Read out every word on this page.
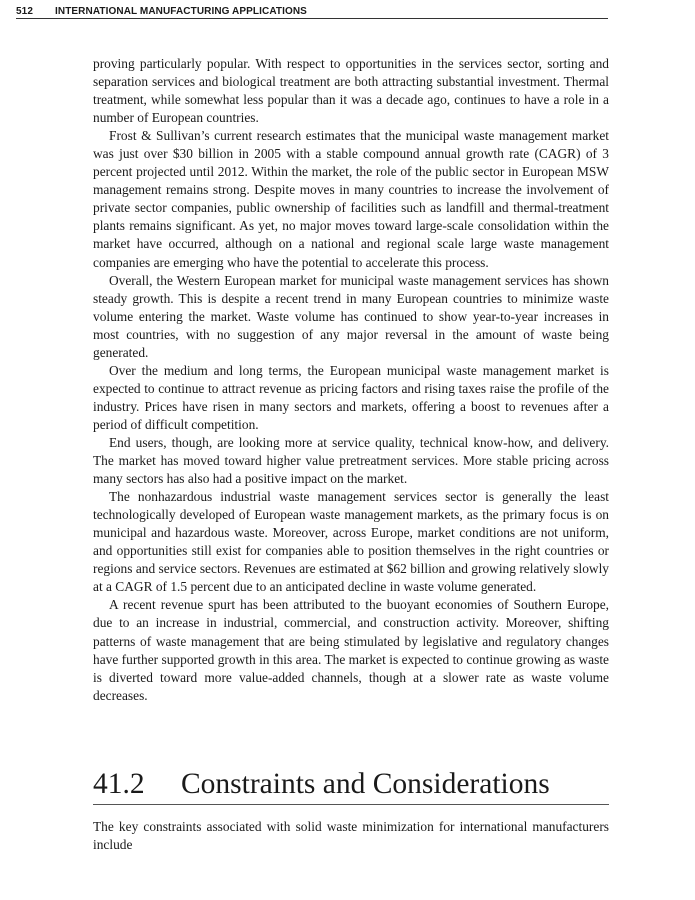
512 INTERNATIONAL MANUFACTURING APPLICATIONS

proving particularly popular. With respect to opportunities in the services sector, sorting and separation services and biological treatment are both attracting substantial investment. Thermal treatment, while somewhat less popular than it was a decade ago, continues to have a role in a number of European countries.

Frost & Sullivan’s current research estimates that the municipal waste management market was just over $30 billion in 2005 with a stable compound annual growth rate (CAGR) of 3 percent projected until 2012. Within the market, the role of the public sector in European MSW management remains strong. Despite moves in many countries to increase the involvement of private sector companies, public ownership of facilities such as landfill and thermal-treatment plants remains significant. As yet, no major moves toward large-scale consolidation within the market have occurred, although on a national and regional scale large waste management companies are emerging who have the potential to accelerate this process.

Overall, the Western European market for municipal waste management services has shown steady growth. This is despite a recent trend in many European countries to minimize waste volume entering the market. Waste volume has continued to show year-to-year increases in most countries, with no suggestion of any major reversal in the amount of waste being generated.

Over the medium and long terms, the European municipal waste management market is expected to continue to attract revenue as pricing factors and rising taxes raise the profile of the industry. Prices have risen in many sectors and markets, offering a boost to revenues after a period of difficult competition.

End users, though, are looking more at service quality, technical know-how, and delivery. The market has moved toward higher value pretreatment services. More stable pricing across many sectors has also had a positive impact on the market.

The nonhazardous industrial waste management services sector is generally the least technologically developed of European waste management markets, as the primary focus is on municipal and hazardous waste. Moreover, across Europe, market conditions are not uniform, and opportunities still exist for companies able to position themselves in the right countries or regions and service sectors. Revenues are estimated at $62 billion and growing relatively slowly at a CAGR of 1.5 percent due to an anticipated decline in waste volume generated.

A recent revenue spurt has been attributed to the buoyant economies of Southern Europe, due to an increase in industrial, commercial, and construction activity. Moreover, shifting patterns of waste management that are being stimulated by legislative and regulatory changes have further supported growth in this area. The market is expected to continue growing as waste is diverted toward more value-added channels, though at a slower rate as waste volume decreases.

41.2 Constraints and Considerations

The key constraints associated with solid waste minimization for international manufacturers include
